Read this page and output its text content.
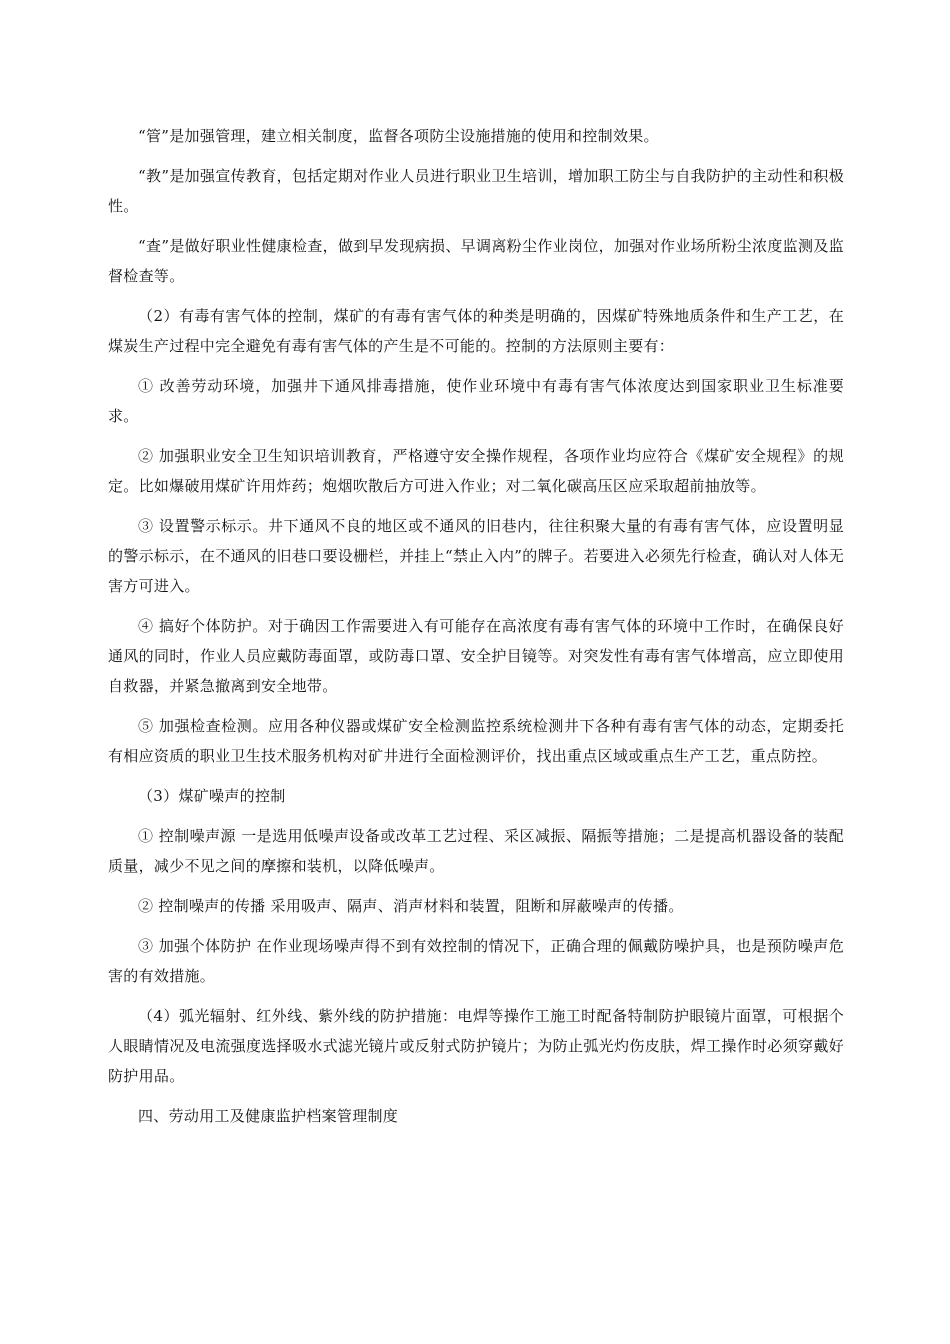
“管”是加强管理，建立相关制度，监督各项防尘设施措施的使用和控制效果。

“教”是加强宣传教育，包括定期对作业人员进行职业卫生培训，增加职工防尘与自我防护的主动性和积极性。

“查”是做好职业性健康检查，做到早发现病损、早调离粉尘作业岗位，加强对作业场所粉尘浓度监测及监督检查等。

（2）有毒有害气体的控制，煤矿的有毒有害气体的种类是明确的，因煤矿特殊地质条件和生产工艺，在煤炭生产过程中完全避免有毒有害气体的产生是不可能的。控制的方法原则主要有：

① 改善劳动环境，加强井下通风排毒措施，使作业环境中有毒有害气体浓度达到国家职业卫生标准要求。

② 加强职业安全卫生知识培训教育，严格遵守安全操作规程，各项作业均应符合《煤矿安全规程》的规定。比如爆破用煤矿许用炸药；炮烟吹散后方可进入作业；对二氧化碳高压区应采取超前抽放等。

③ 设置警示标示。井下通风不良的地区或不通风的旧巷内，往往积聚大量的有毒有害气体，应设置明显的警示标示，在不通风的旧巷口要设栅栏，并挂上“禁止入内”的牌子。若要进入必须先行检查，确认对人体无害方可进入。

④ 搞好个体防护。对于确因工作需要进入有可能存在高浓度有毒有害气体的环境中工作时，在确保良好通风的同时，作业人员应戴防毒面罩，或防毒口罩、安全护目镜等。对突发性有毒有害气体增高，应立即使用自救器，并紧急撤离到安全地带。

⑤ 加强检查检测。应用各种仪器或煤矿安全检测监控系统检测井下各种有毒有害气体的动态，定期委托有相应资质的职业卫生技术服务机构对矿井进行全面检测评价，找出重点区域或重点生产工艺，重点防控。

（3）煤矿噪声的控制

① 控制噪声源 一是选用低噪声设备或改革工艺过程、采区减振、隔振等措施；二是提高机器设备的装配质量，减少不见之间的摩擦和装机，以降低噪声。

② 控制噪声的传播 采用吸声、隔声、消声材料和装置，阻断和屏蔽噪声的传播。

③ 加强个体防护 在作业现场噪声得不到有效控制的情况下，正确合理的佩戴防噪护具，也是预防噪声危害的有效措施。

（4）弧光辐射、红外线、紫外线的防护措施：电焊等操作工施工时配备特制防护眼镜片面罩，可根据个人眼睛情况及电流强度选择吸水式滤光镜片或反射式防护镜片；为防止弧光灼伤皮肤，焊工操作时必须穿戴好防护用品。

四、劳动用工及健康监护档案管理制度
